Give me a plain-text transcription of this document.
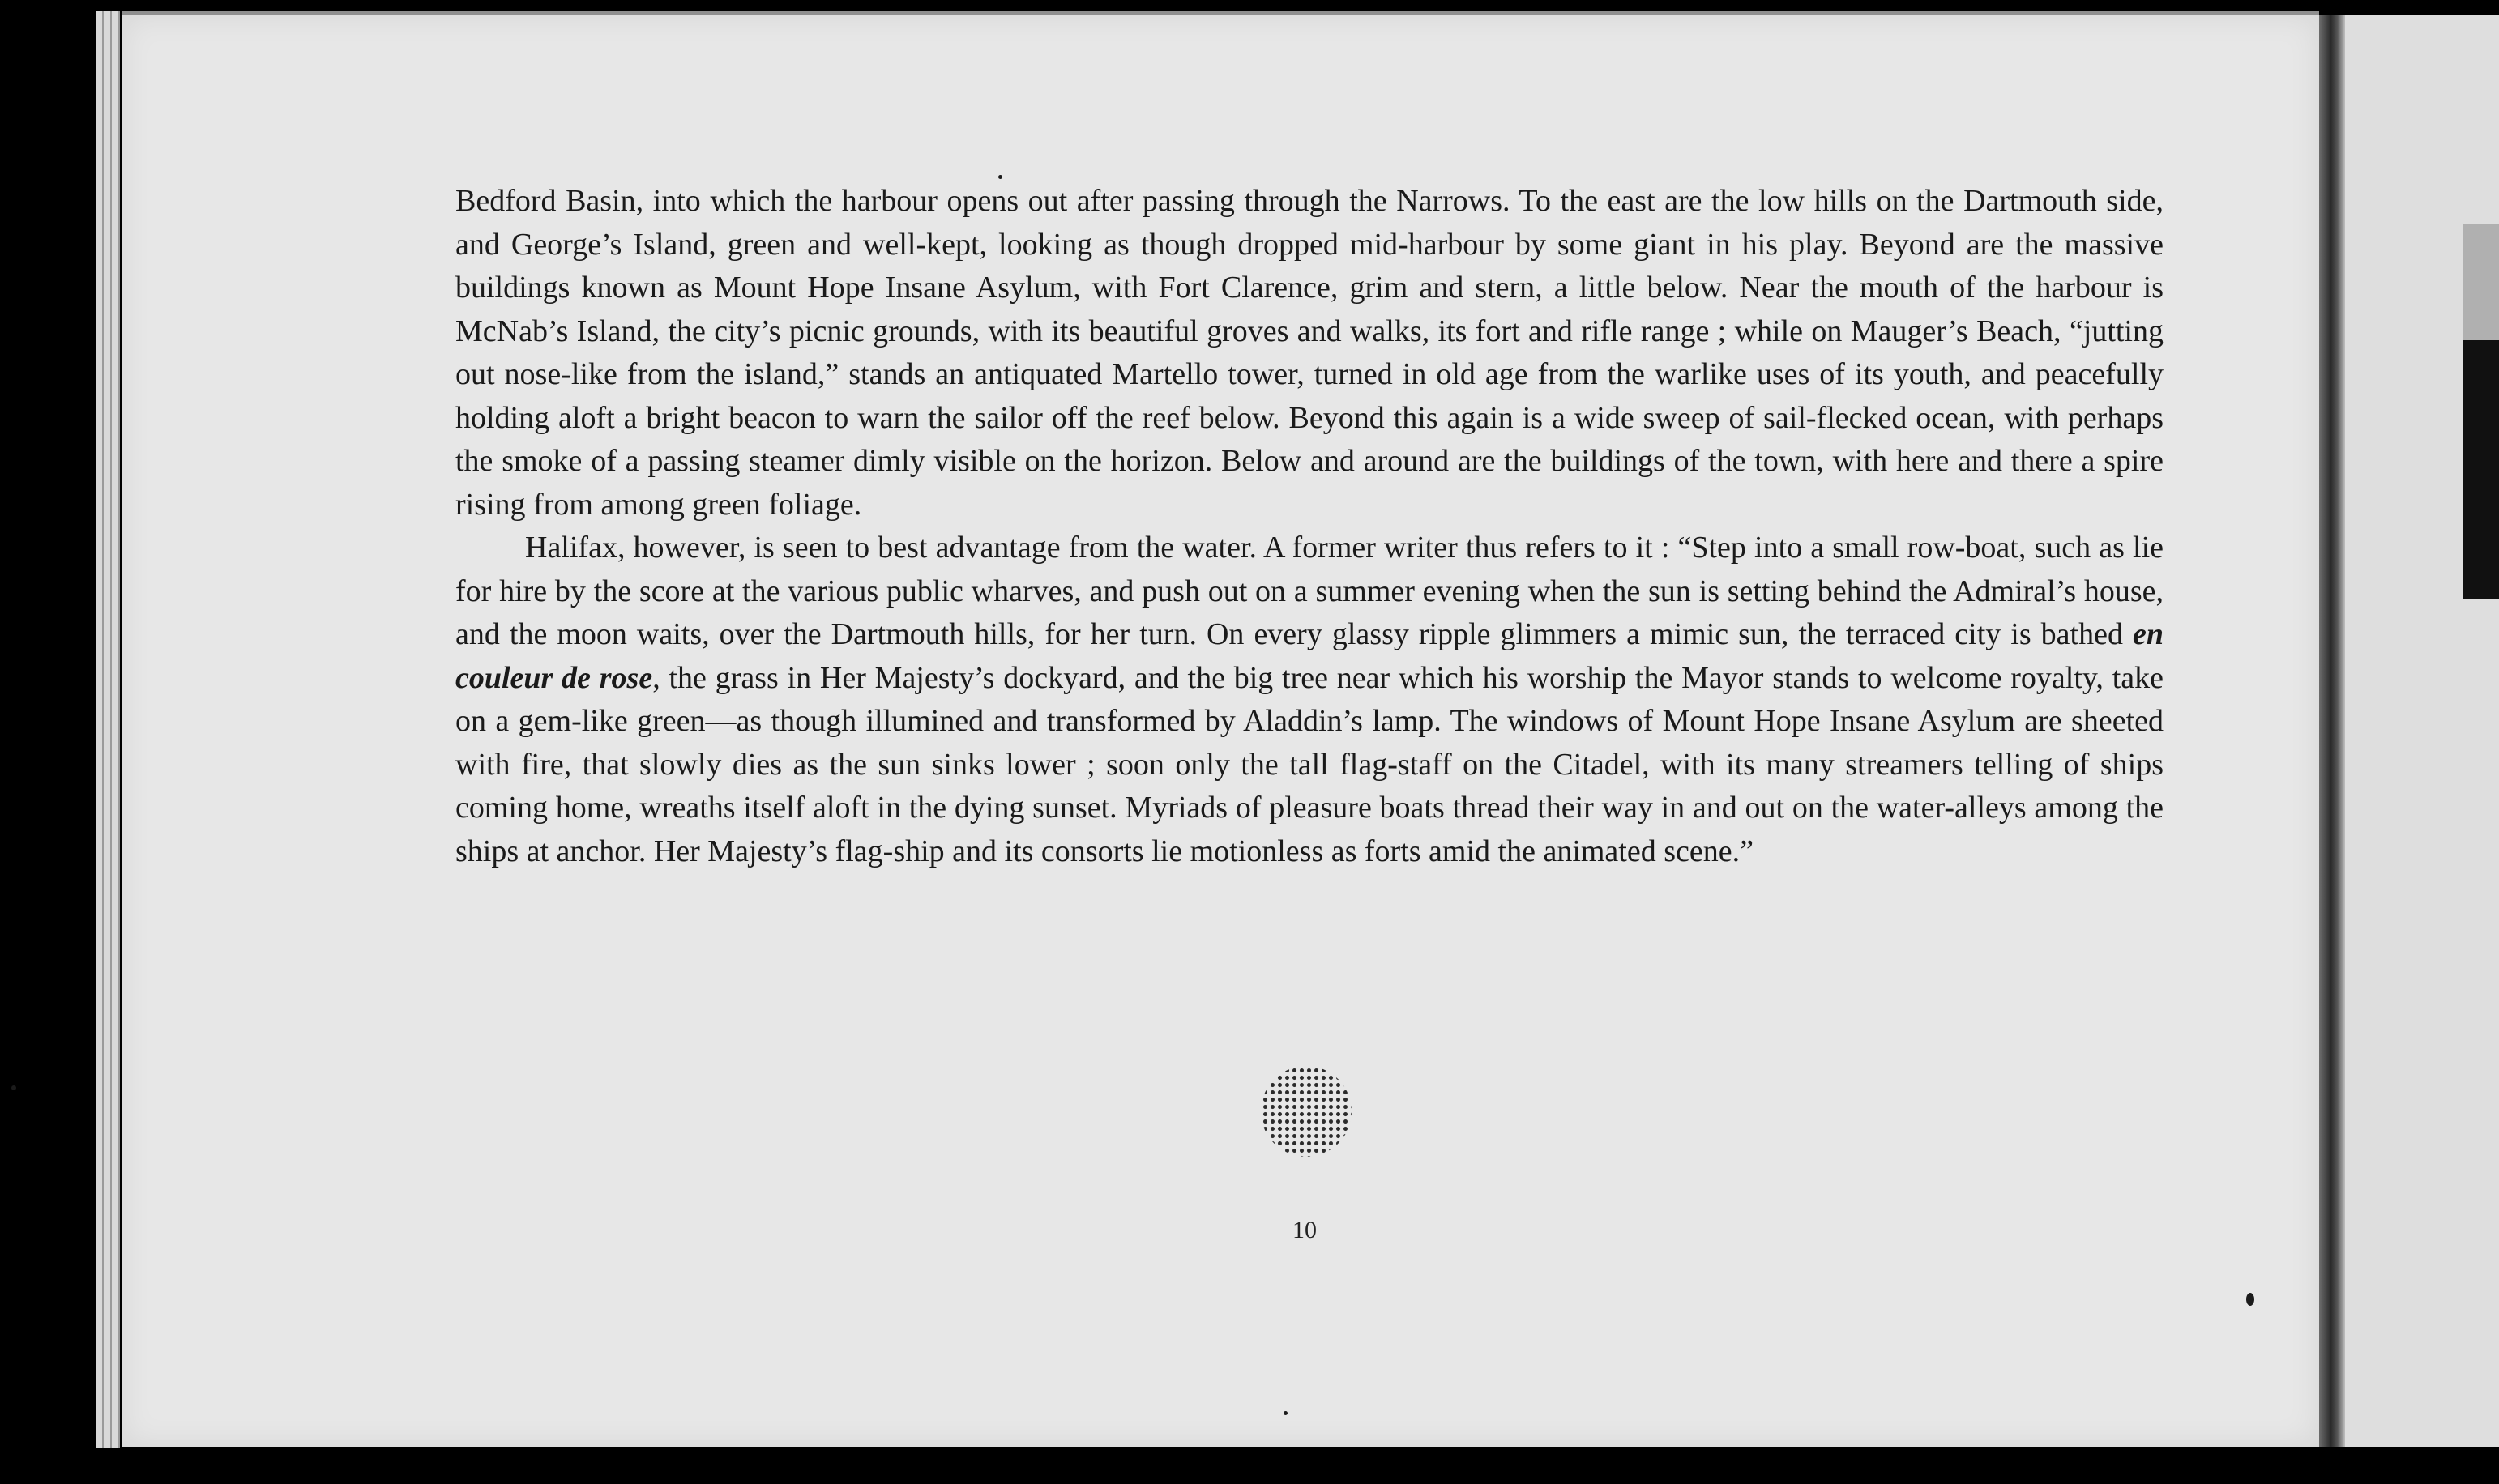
Bedford Basin, into which the harbour opens out after passing through the Narrows. To the east are the low hills on the Dartmouth side, and George’s Island, green and well-kept, looking as though dropped mid-harbour by some giant in his play. Beyond are the massive buildings known as Mount Hope Insane Asylum, with Fort Clarence, grim and stern, a little below. Near the mouth of the harbour is McNab’s Island, the city’s picnic grounds, with its beautiful groves and walks, its fort and rifle range ; while on Mauger’s Beach, “jutting out nose-like from the island,” stands an antiquated Martello tower, turned in old age from the warlike uses of its youth, and peacefully holding aloft a bright beacon to warn the sailor off the reef below. Beyond this again is a wide sweep of sail-flecked ocean, with perhaps the smoke of a passing steamer dimly visible on the horizon. Below and around are the buildings of the town, with here and there a spire rising from among green foliage.

Halifax, however, is seen to best advantage from the water. A former writer thus refers to it : “Step into a small row-boat, such as lie for hire by the score at the various public wharves, and push out on a summer evening when the sun is setting behind the Admiral’s house, and the moon waits, over the Dartmouth hills, for her turn. On every glassy ripple glimmers a mimic sun, the terraced city is bathed en couleur de rose, the grass in Her Majesty’s dockyard, and the big tree near which his worship the Mayor stands to welcome royalty, take on a gem-like green—as though illumined and transformed by Aladdin’s lamp. The windows of Mount Hope Insane Asylum are sheeted with fire, that slowly dies as the sun sinks lower ; soon only the tall flag-staff on the Citadel, with its many streamers telling of ships coming home, wreaths itself aloft in the dying sunset. Myriads of pleasure boats thread their way in and out on the water-alleys among the ships at anchor. Her Majesty’s flag-ship and its consorts lie motionless as forts amid the animated scene.”

10
